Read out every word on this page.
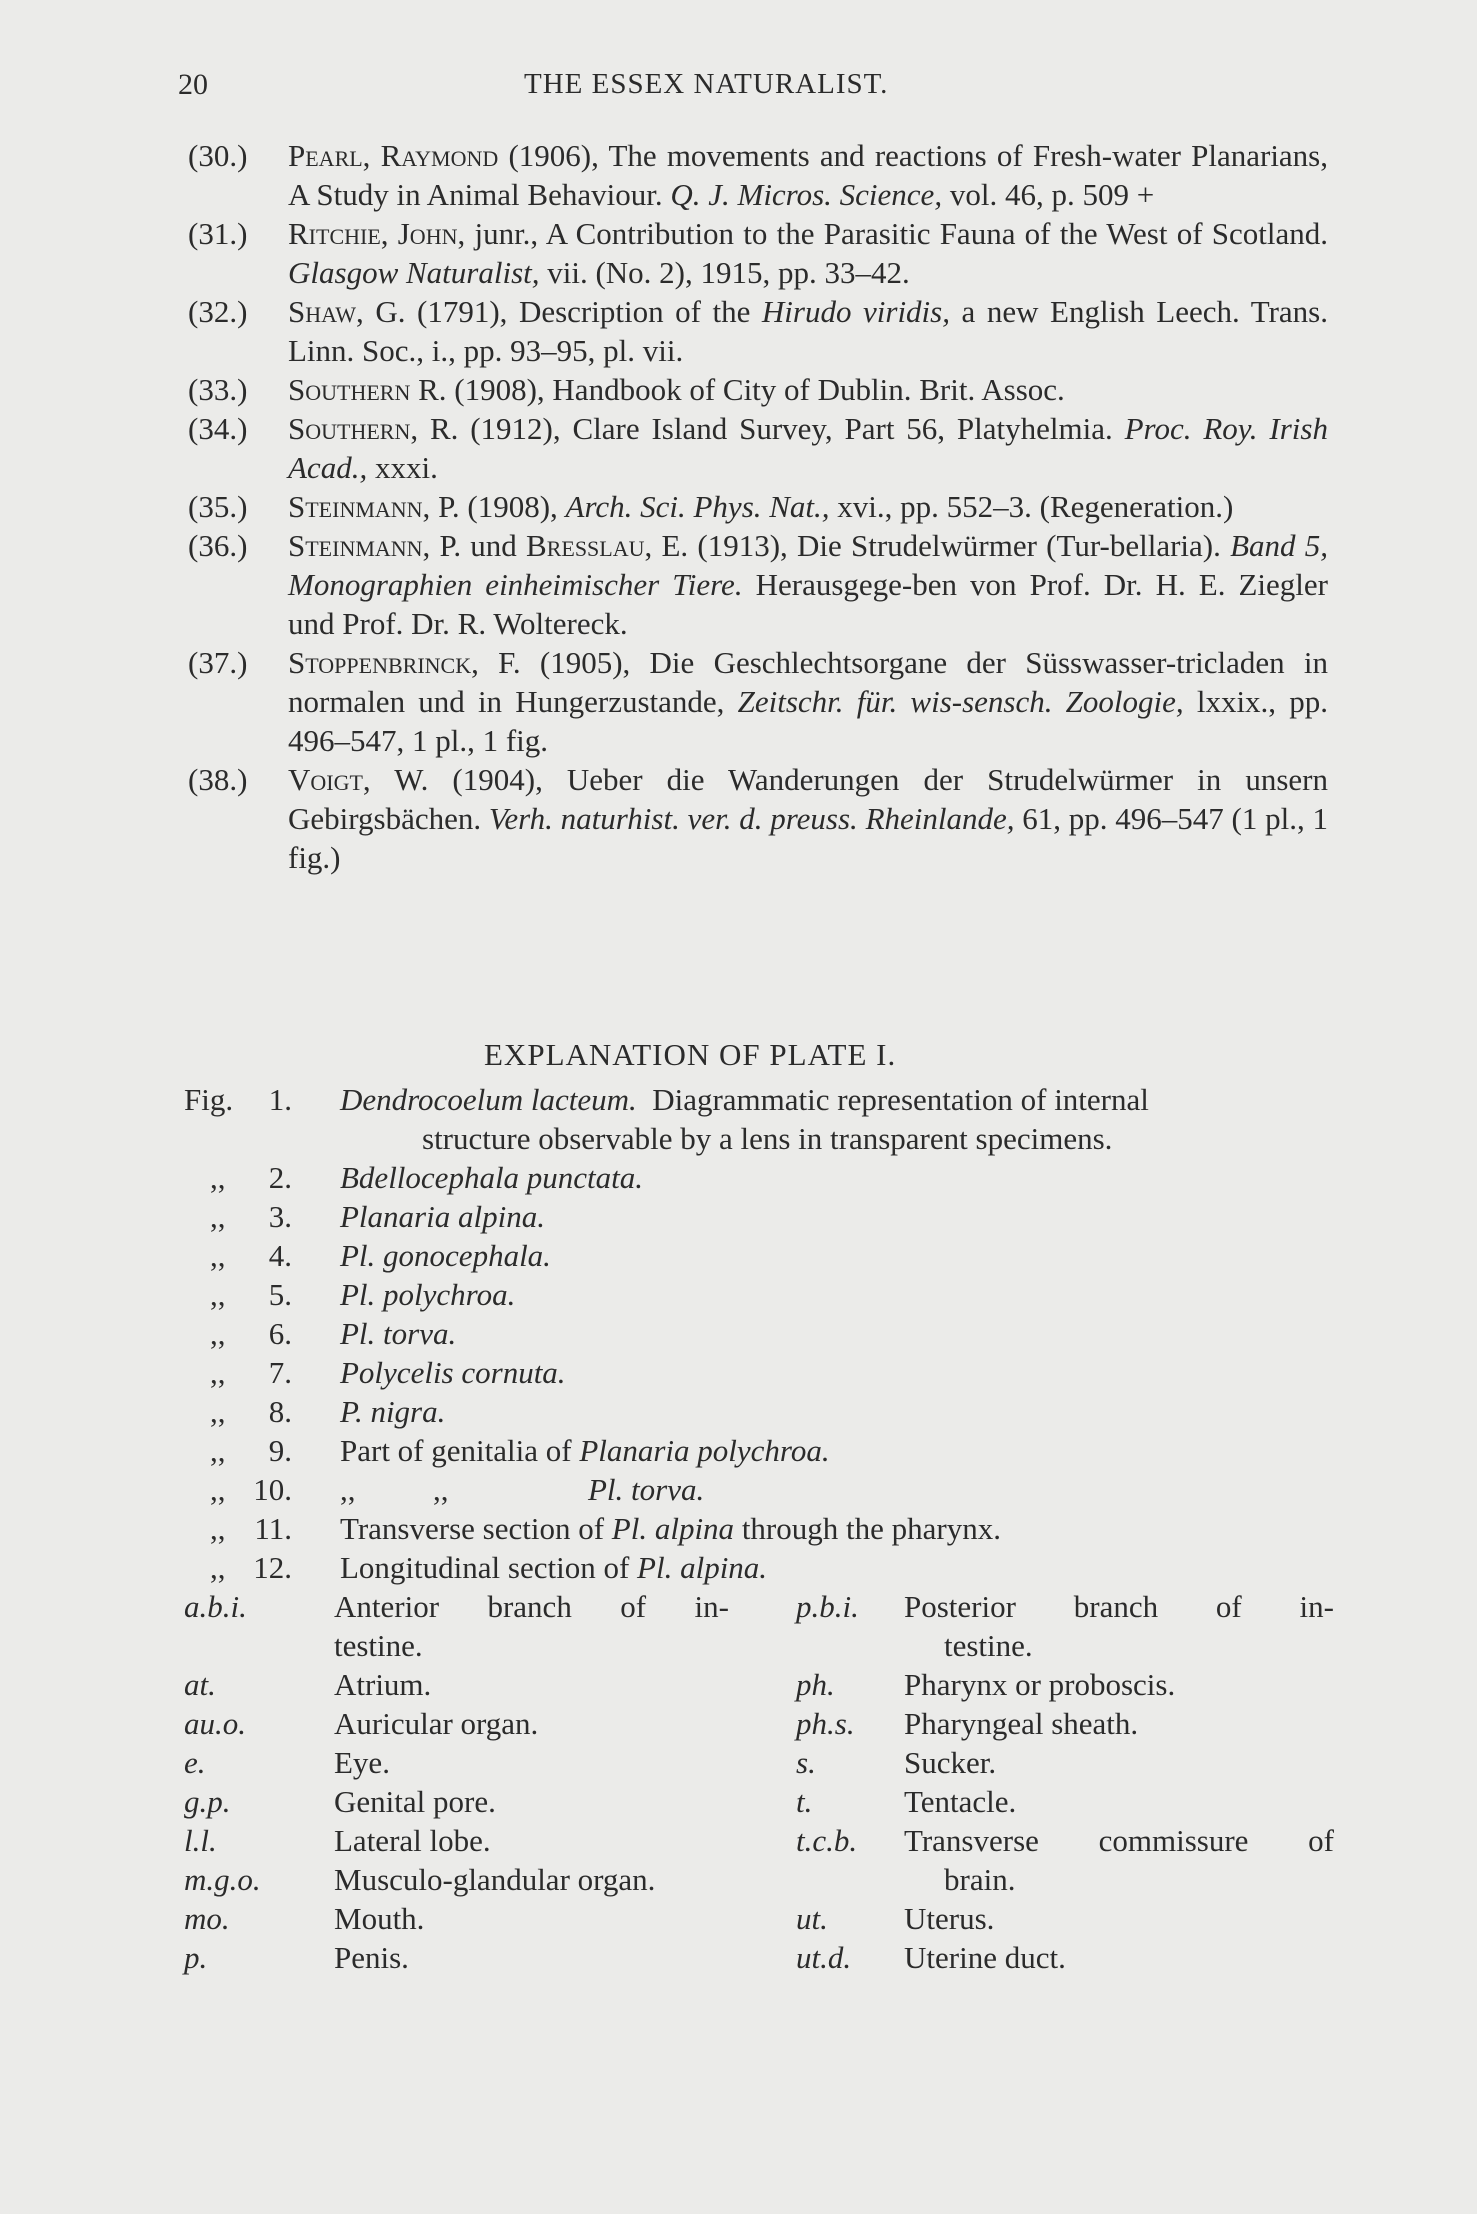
20	THE ESSEX NATURALIST.

(30.) Pearl, Raymond (1906), The movements and reactions of Fresh-water Planarians, A Study in Animal Behaviour. Q. J. Micros. Science, vol. 46, p. 509 +

(31.) Ritchie, John, junr., A Contribution to the Parasitic Fauna of the West of Scotland. Glasgow Naturalist, vii. (No. 2), 1915, pp. 33–42.

(32.) Shaw, G. (1791), Description of the Hirudo viridis, a new English Leech. Trans. Linn. Soc., i., pp. 93–95, pl. vii.

(33.) Southern R. (1908), Handbook of City of Dublin. Brit. Assoc.

(34.) Southern, R. (1912), Clare Island Survey, Part 56, Platyhelmia. Proc. Roy. Irish Acad., xxxi.

(35.) Steinmann, P. (1908), Arch. Sci. Phys. Nat., xvi., pp. 552–3. (Regeneration.)

(36.) Steinmann, P. und Bresslau, E. (1913), Die Strudelwürmer (Tur-bellaria). Band 5, Monographien einheimischer Tiere. Herausgege-ben von Prof. Dr. H. E. Ziegler und Prof. Dr. R. Woltereck.

(37.) Stoppenbrinck, F. (1905), Die Geschlechtsorgane der Süsswasser-tricladen in normalen und in Hungerzustande, Zeitschr. für. wis-sensch. Zoologie, lxxix., pp. 496–547, 1 pl., 1 fig.

(38.) Voigt, W. (1904), Ueber die Wanderungen der Strudelwürmer in unsern Gebirgsbächen. Verh. naturhist. ver. d. preuss. Rheinlande, 61, pp. 496–547 (1 pl., 1 fig.)

EXPLANATION OF PLATE I.
Fig.	1. Dendrocoelum lacteum. Diagrammatic representation of internal
structure observable by a lens in transparent specimens.
,,	2. Bdellocephala punctata.
,,	3. Planaria alpina.
,,	4. Pl. gonocephala.
,,	5. Pl. polychroa.
,,	6. Pl. torva.
,,	7. Polycelis cornuta.
,,	8. P. nigra.
,,	9. Part of genitalia of Planaria polychroa.
,, 10. ,,          ,,                  Pl. torva.
,, 11. Transverse section of Pl. alpina through the pharynx.
,, 12. Longitudinal section of Pl. alpina.
a.b.i.	Anterior branch of in-
testine.
p.b.i. Posterior branch of in-
testine.
at.	Atrium.	ph. Pharynx or proboscis.
au.o.	Auricular organ.	ph.s. Pharyngeal sheath.
e.	Eye.	s.	Sucker.
g.p.	Genital pore.	t.	Tentacle.
l.l.	Lateral lobe.	t.c.b. Transverse commissure of
brain.
m.g.o. Musculo-glandular organ.
mo.	Mouth.	ut. Uterus.
p.	Penis.	ut.d. Uterine duct.
